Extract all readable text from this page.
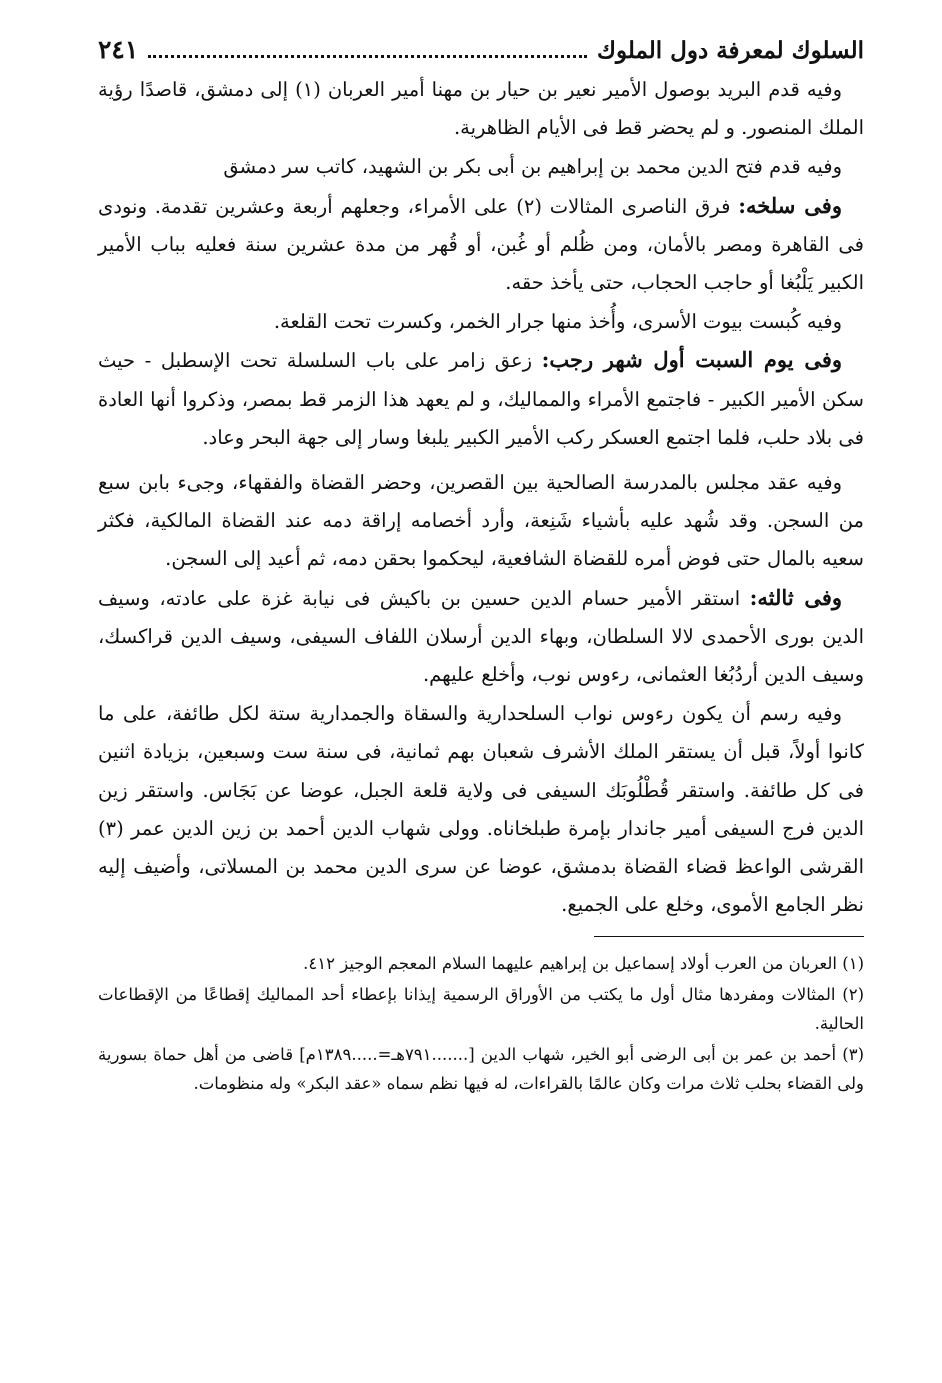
السلوك لمعرفة دول الملوك
٢٤١

وفيه قدم البريد بوصول الأمير نعير بن حيار بن مهنا أمير العربان (١) إلى دمشق، قاصدًا رؤية الملك المنصور. و لم يحضر قط فى الأيام الظاهرية.

وفيه قدم فتح الدين محمد بن إبراهيم بن أبى بكر بن الشهيد، كاتب سر دمشق

وفى سلخه: فرق الناصرى المثالات (٢) على الأمراء، وجعلهم أربعة وعشرين تقدمة. ونودى فى القاهرة ومصر بالأمان، ومن ظُلم أو غُبن، أو قُهر من مدة عشرين سنة فعليه بباب الأمير الكبير يَلْبُغا أو حاجب الحجاب، حتى يأخذ حقه.

وفيه كُبست بيوت الأسرى، وأُخذ منها جرار الخمر، وكسرت تحت القلعة.

وفى يوم السبت أول شهر رجب: زعق زامر على باب السلسلة تحت الإسطبل - حيث سكن الأمير الكبير - فاجتمع الأمراء والمماليك، و لم يعهد هذا الزمر قط بمصر، وذكروا أنها العادة فى بلاد حلب، فلما اجتمع العسكر ركب الأمير الكبير يلبغا وسار إلى جهة البحر وعاد.

وفيه عقد مجلس بالمدرسة الصالحية بين القصرين، وحضر القضاة والفقهاء، وجىء بابن سبع من السجن. وقد شُهد عليه بأشياء شَنِعة، وأرد أخصامه إراقة دمه عند القضاة المالكية، فكثر سعيه بالمال حتى فوض أمره للقضاة الشافعية، ليحكموا بحقن دمه، ثم أعيد إلى السجن.

وفى ثالثه: استقر الأمير حسام الدين حسين بن باكيش فى نيابة غزة على عادته، وسيف الدين بورى الأحمدى لالا السلطان، وبهاء الدين أرسلان اللفاف السيفى، وسيف الدين قراكسك، وسيف الدين أردُبُغا العثمانى، رءوس نوب، وأخلع عليهم.

وفيه رسم أن يكون رءوس نواب السلحدارية والسقاة والجمدارية ستة لكل طائفة، على ما كانوا أولاً، قبل أن يستقر الملك الأشرف شعبان بهم ثمانية، فى سنة ست وسبعين، بزيادة اثنين فى كل طائفة. واستقر قُطْلُوبَك السيفى فى ولاية قلعة الجبل، عوضا عن بَجَاس. واستقر زين الدين فرج السيفى أمير جاندار بإمرة طبلخاناه. وولى شهاب الدين أحمد بن زين الدين عمر (٣) القرشى الواعظ قضاء القضاة بدمشق، عوضا عن سرى الدين محمد بن المسلاتى، وأضيف إليه نظر الجامع الأموى، وخلع على الجميع.

(١) العربان من العرب أولاد إسماعيل بن إبراهيم عليهما السلام المعجم الوجيز ٤١٢.

(٢) المثالات ومفردها مثال أول ما يكتب من الأوراق الرسمية إيذانا بإعطاء أحد المماليك إقطاعًا من الإقطاعات الحالية.

(٣) أحمد بن عمر بن أبى الرضى أبو الخير، شهاب الدين [.......٧٩١هـ=.....١٣٨٩م] قاضى من أهل حماة بسورية ولى القضاء بحلب ثلاث مرات وكان عالمًا بالقراءات، له فيها نظم سماه «عقد البكر» وله منظومات.
